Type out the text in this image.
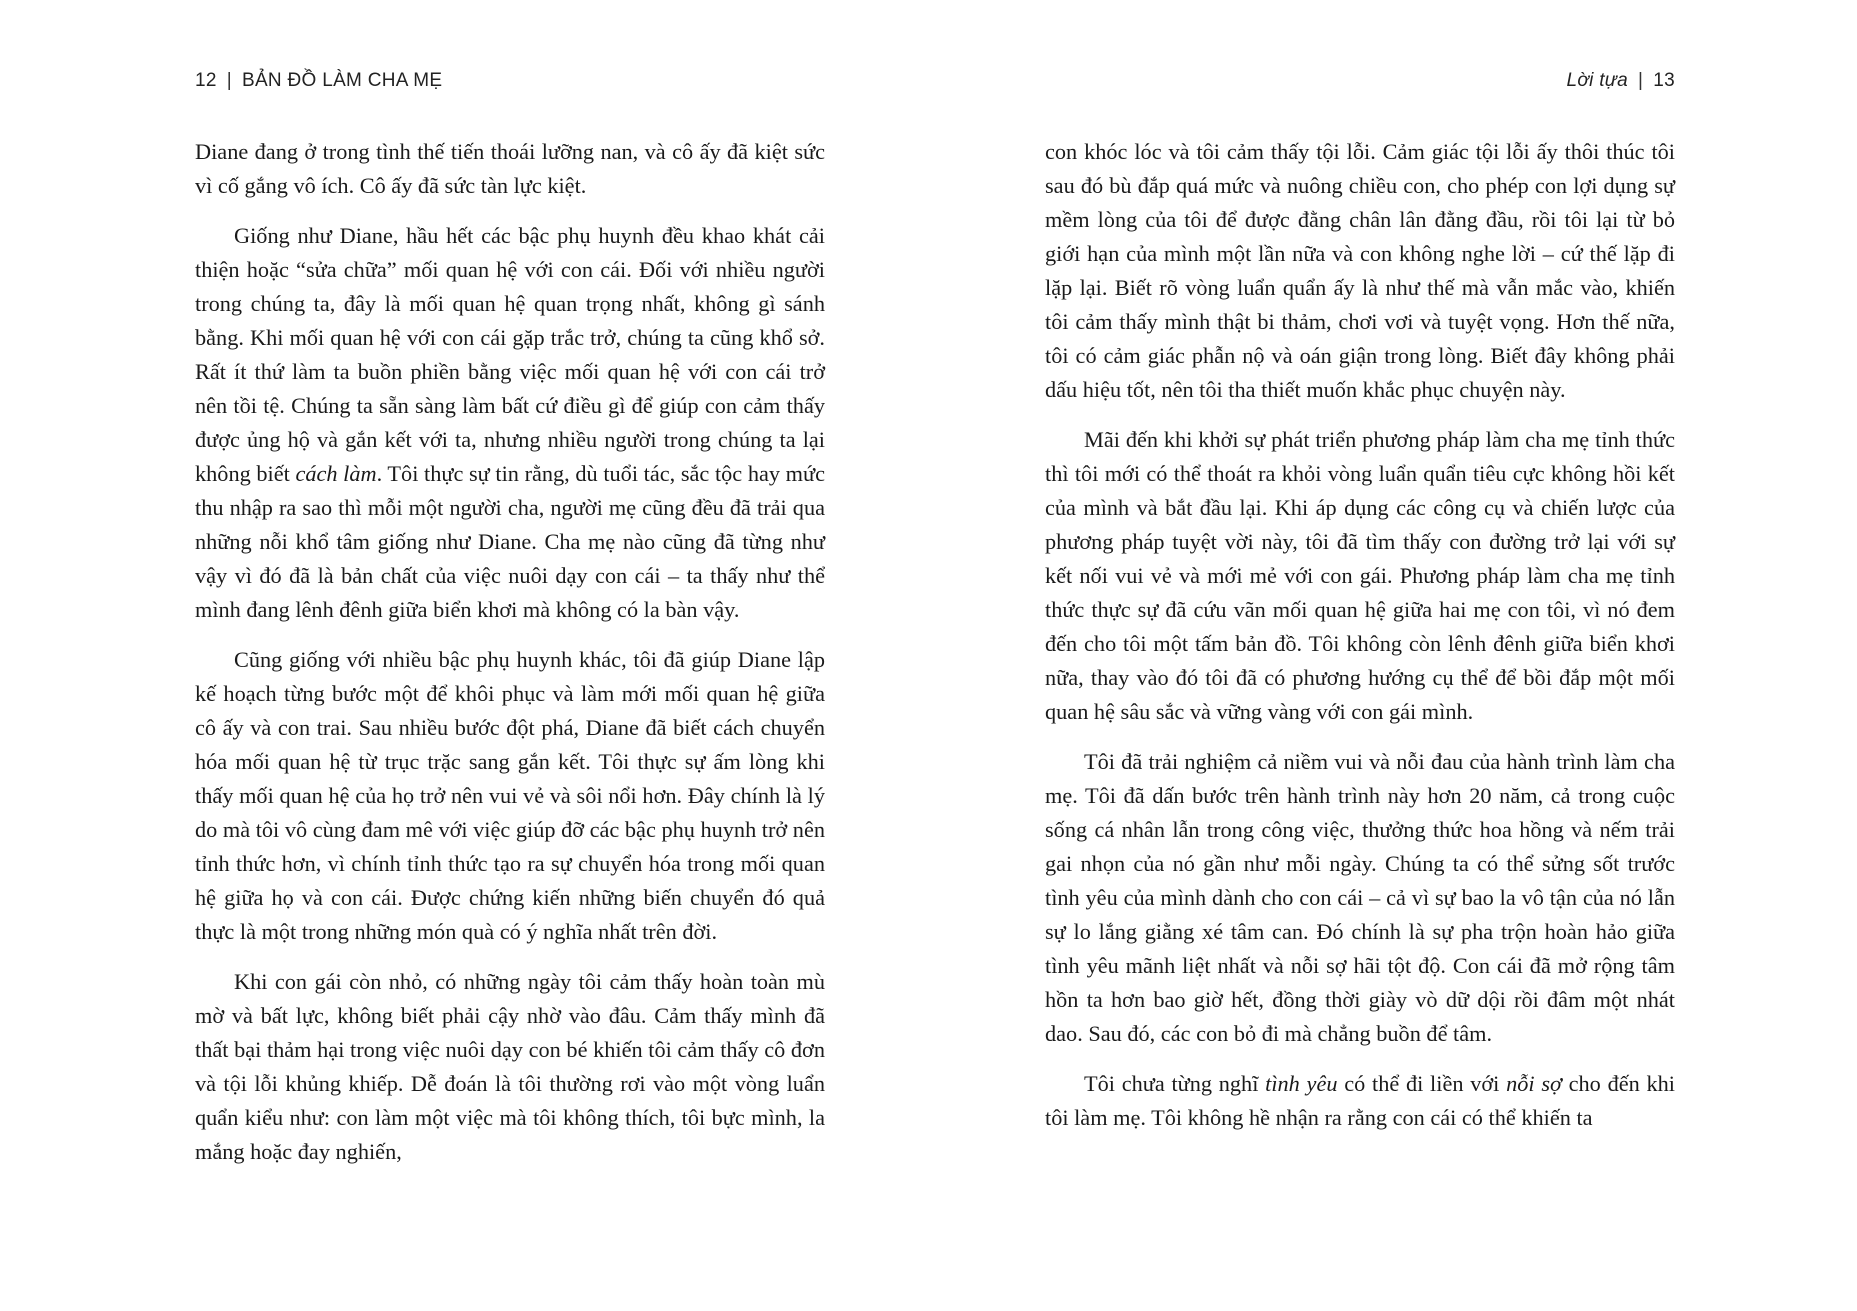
12 | BẢN ĐỒ LÀM CHA MẸ

Diane đang ở trong tình thế tiến thoái lưỡng nan, và cô ấy đã kiệt sức vì cố gắng vô ích. Cô ấy đã sức tàn lực kiệt.

Giống như Diane, hầu hết các bậc phụ huynh đều khao khát cải thiện hoặc “sửa chữa” mối quan hệ với con cái. Đối với nhiều người trong chúng ta, đây là mối quan hệ quan trọng nhất, không gì sánh bằng. Khi mối quan hệ với con cái gặp trắc trở, chúng ta cũng khổ sở. Rất ít thứ làm ta buồn phiền bằng việc mối quan hệ với con cái trở nên tồi tệ. Chúng ta sẵn sàng làm bất cứ điều gì để giúp con cảm thấy được ủng hộ và gắn kết với ta, nhưng nhiều người trong chúng ta lại không biết cách làm. Tôi thực sự tin rằng, dù tuổi tác, sắc tộc hay mức thu nhập ra sao thì mỗi một người cha, người mẹ cũng đều đã trải qua những nỗi khổ tâm giống như Diane. Cha mẹ nào cũng đã từng như vậy vì đó đã là bản chất của việc nuôi dạy con cái – ta thấy như thể mình đang lênh đênh giữa biển khơi mà không có la bàn vậy.

Cũng giống với nhiều bậc phụ huynh khác, tôi đã giúp Diane lập kế hoạch từng bước một để khôi phục và làm mới mối quan hệ giữa cô ấy và con trai. Sau nhiều bước đột phá, Diane đã biết cách chuyển hóa mối quan hệ từ trục trặc sang gắn kết. Tôi thực sự ấm lòng khi thấy mối quan hệ của họ trở nên vui vẻ và sôi nổi hơn. Đây chính là lý do mà tôi vô cùng đam mê với việc giúp đỡ các bậc phụ huynh trở nên tỉnh thức hơn, vì chính tỉnh thức tạo ra sự chuyển hóa trong mối quan hệ giữa họ và con cái. Được chứng kiến những biến chuyển đó quả thực là một trong những món quà có ý nghĩa nhất trên đời.

Khi con gái còn nhỏ, có những ngày tôi cảm thấy hoàn toàn mù mờ và bất lực, không biết phải cậy nhờ vào đâu. Cảm thấy mình đã thất bại thảm hại trong việc nuôi dạy con bé khiến tôi cảm thấy cô đơn và tội lỗi khủng khiếp. Dễ đoán là tôi thường rơi vào một vòng luẩn quẩn kiểu như: con làm một việc mà tôi không thích, tôi bực mình, la mắng hoặc đay nghiến,

Lời tựa | 13

con khóc lóc và tôi cảm thấy tội lỗi. Cảm giác tội lỗi ấy thôi thúc tôi sau đó bù đắp quá mức và nuông chiều con, cho phép con lợi dụng sự mềm lòng của tôi để được đằng chân lân đằng đầu, rồi tôi lại từ bỏ giới hạn của mình một lần nữa và con không nghe lời – cứ thế lặp đi lặp lại. Biết rõ vòng luẩn quẩn ấy là như thế mà vẫn mắc vào, khiến tôi cảm thấy mình thật bi thảm, chơi vơi và tuyệt vọng. Hơn thế nữa, tôi có cảm giác phẫn nộ và oán giận trong lòng. Biết đây không phải dấu hiệu tốt, nên tôi tha thiết muốn khắc phục chuyện này.

Mãi đến khi khởi sự phát triển phương pháp làm cha mẹ tỉnh thức thì tôi mới có thể thoát ra khỏi vòng luẩn quẩn tiêu cực không hồi kết của mình và bắt đầu lại. Khi áp dụng các công cụ và chiến lược của phương pháp tuyệt vời này, tôi đã tìm thấy con đường trở lại với sự kết nối vui vẻ và mới mẻ với con gái. Phương pháp làm cha mẹ tỉnh thức thực sự đã cứu vãn mối quan hệ giữa hai mẹ con tôi, vì nó đem đến cho tôi một tấm bản đồ. Tôi không còn lênh đênh giữa biển khơi nữa, thay vào đó tôi đã có phương hướng cụ thể để bồi đắp một mối quan hệ sâu sắc và vững vàng với con gái mình.

Tôi đã trải nghiệm cả niềm vui và nỗi đau của hành trình làm cha mẹ. Tôi đã dấn bước trên hành trình này hơn 20 năm, cả trong cuộc sống cá nhân lẫn trong công việc, thưởng thức hoa hồng và nếm trải gai nhọn của nó gần như mỗi ngày. Chúng ta có thể sửng sốt trước tình yêu của mình dành cho con cái – cả vì sự bao la vô tận của nó lẫn sự lo lắng giằng xé tâm can. Đó chính là sự pha trộn hoàn hảo giữa tình yêu mãnh liệt nhất và nỗi sợ hãi tột độ. Con cái đã mở rộng tâm hồn ta hơn bao giờ hết, đồng thời giày vò dữ dội rồi đâm một nhát dao. Sau đó, các con bỏ đi mà chẳng buồn để tâm.

Tôi chưa từng nghĩ tình yêu có thể đi liền với nỗi sợ cho đến khi tôi làm mẹ. Tôi không hề nhận ra rằng con cái có thể khiến ta
